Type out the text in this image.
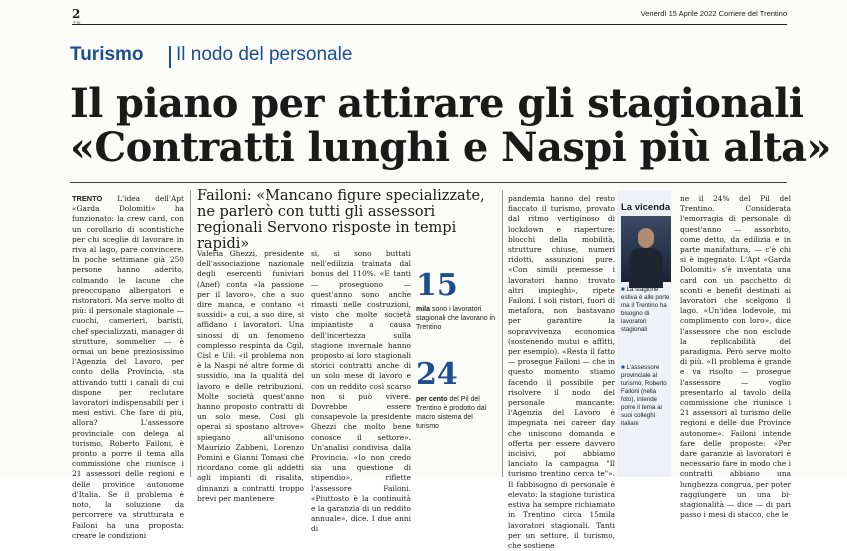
2	Venerdì 15 Aprile 2022 Corriere del Trentino
Turismo Il nodo del personale
Il piano per attirare gli stagionali
«Contratti lunghi e Naspi più alta»
TRENTO L'idea dell'Apt «Garda Dolomiti» ha funzionato: la crew card, con un corollario di scontistiche per chi sceglie di lavorare in riva al lago, pare convincere. In poche settimane già 250 persone hanno aderito, colmando le lacune che preoccupano albergatori e ristoratori. Ma serve molto di più: il personale stagionale — cuochi, camerieri, baristi, chef specializzati, manager di strutture, sommelier — è ormai un bene preziosissimo l'Agenzia del Lavoro, per conto della Provincia, sta attivando tutti i canali di cui dispone per reclutare lavoratori indispensabili per i mesi estivi. Che fare di più, allora? L'assessore provinciale con delega al turismo, Roberto Failoni, è pronto a porre il tema alla commissione che riunisce i 21 assessori delle regioni e delle province autonome d'Italia. Se il problema è noto, la soluzione da percorrere va strutturata e Failoni ha una proposta: creare le condizioni
Failoni: «Mancano figure specializzate, ne parlerò con tutti gli assessori regionali Servono risposte in tempi rapidi»
Valeria Ghezzi, presidente dell'associazione nazionale degli esercenti funiviari (Anef) conta «la passione per il lavoro», che a suo dire manca, e contano «i sussidi» a cui, a suo dire, si affidano i lavoratori. Una sinossi di un fenomeno complesso respinta da Cgil, Cisl e Uil: «il problema non è la Naspi né altre forme di sussidio, ma la qualità del lavoro e delle retribuzioni. Molte società quest'anno hanno proposto contratti di un solo mese. Così gli operai si spostano altrove» spiegano all'unisono Maurizio Zabbeni, Lorenzo Pomini e Gianni Tomasi che ricordano come gli addetti agli impianti di risalita, dinnanzi a contratti troppo brevi per mantenere
si, si sono buttati nell'edilizia trainata dal bonus del 110%. «E tanti — proseguono — quest'anno sono anche rimasti nelle costruzioni, visto che molte società impiantiste a causa dell'incertezza sulla stagione invernale hanno proposto ai loro stagionali storici contratti anche di un solo mese di lavoro e con un reddito così scarso non si può vivere. Dovrebbe essere consapevole la presidente Ghezzi che molto bene conosce il settore». Un'analisi condivisa dalla Provincia. «Io non credo sia una questione di stipendio», riflette l'assessore Failoni. «Piuttosto è la continuità e la garanzia di un reddito annuale», dice. I due anni di
15
mila sono i lavoratori stagionali che lavorano in Trentino
24
per cento del Pil del Trentino è prodotto dal macro sistema del turismo
pandemia hanno del resto fiaccato il turismo, provato dal ritmo vertiginoso di lockdown e riaperture: blocchi della mobilità, strutture chiuse, numeri ridotti, assunzioni pure. «Con simili premesse i lavoratori hanno trovato altri impieghi», ripete Failoni. I soli ristori, fuori di metafora, non bastavano per garantire la sopravvivenza economica (sostenendo mutui e affitti, per esempio). «Resta il fatto — prosegue Failoni — che in questo momento stiamo facendo il possibile per risolvere il nodo del personale mancante: l'Agenzia del Lavoro è impegnata nei career day che uniscono domanda e offerta per essere davvero incisivi, poi abbiamo lanciato la campagna "Il turismo trentino cerca te"». Il fabbisogno di personale è elevato: la stagione turistica estiva ha sempre richiamato in Trentino circa 15mila lavoratori stagionali. Tanti per un settore, il turismo, che sostiene
La vicenda
■ La stagione estiva è alle porte ma il Trentino ha bisogno di lavoratori stagionali
■ L'assessore provinciale al turismo, Roberto Failoni (nella foto), intende porre il tema ai suoi colleghi italiani
ne il 24% del Pil del Trentino. Considerata l'emorragia di personale di quest'anno — assorbito, come detto, da edilizia e in parte manifattura, — c'è chi si è ingegnato. L'Apt «Garda Dolomiti» s'è inventata una card con un pacchetto di sconti e benefit destinati ai lavoratori che scelgono il lago. «Un'idea lodevole, mi complimento con loro», dice l'assessore che non esclude la replicabilità del paradigma. Però serve molto di più. «Il problema è grande e va risolto — prosegue l'assessore — voglio presentarlo al tavolo della commissione che riunisce i 21 assessori al turismo delle regioni e delle due Province autonome». Failoni intende fare delle proposte: «Per dare garanzie ai lavoratori è necessario fare in modo che i contratti abbiano una lunghezza congrua, per poter raggiungere un una bi-stagionalità — dice — di pari passo i mesi di stacco, che le
